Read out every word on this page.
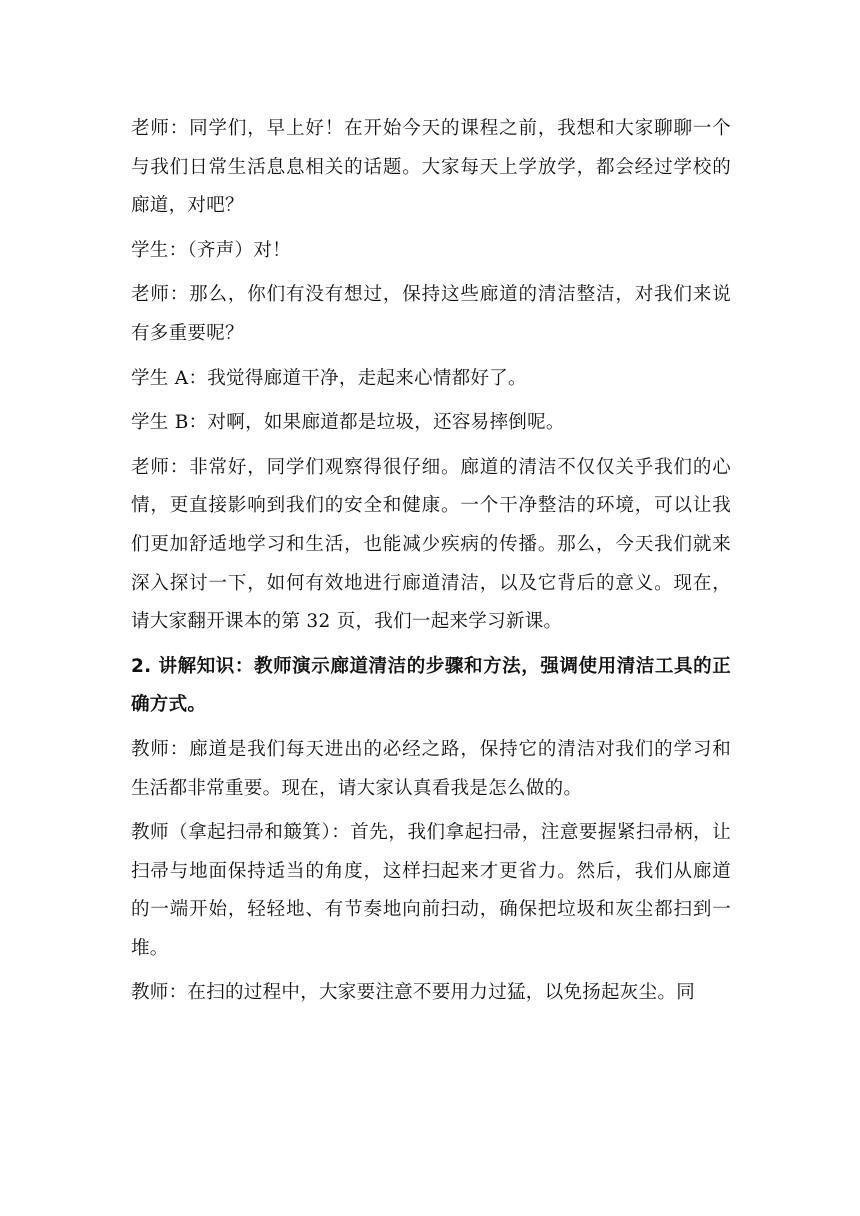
老师：同学们，早上好！在开始今天的课程之前，我想和大家聊聊一个与我们日常生活息息相关的话题。大家每天上学放学，都会经过学校的廊道，对吧？

学生：（齐声）对！

老师：那么，你们有没有想过，保持这些廊道的清洁整洁，对我们来说有多重要呢？

学生 A：我觉得廊道干净，走起来心情都好了。

学生 B：对啊，如果廊道都是垃圾，还容易摔倒呢。

老师：非常好，同学们观察得很仔细。廊道的清洁不仅仅关乎我们的心情，更直接影响到我们的安全和健康。一个干净整洁的环境，可以让我们更加舒适地学习和生活，也能减少疾病的传播。那么，今天我们就来深入探讨一下，如何有效地进行廊道清洁，以及它背后的意义。现在，请大家翻开课本的第 32 页，我们一起来学习新课。

2. 讲解知识：教师演示廊道清洁的步骤和方法，强调使用清洁工具的正确方式。

教师：廊道是我们每天进出的必经之路，保持它的清洁对我们的学习和生活都非常重要。现在，请大家认真看我是怎么做的。

教师（拿起扫帚和簸箕）：首先，我们拿起扫帚，注意要握紧扫帚柄，让扫帚与地面保持适当的角度，这样扫起来才更省力。然后，我们从廊道的一端开始，轻轻地、有节奏地向前扫动，确保把垃圾和灰尘都扫到一堆。

教师：在扫的过程中，大家要注意不要用力过猛，以免扬起灰尘。同
